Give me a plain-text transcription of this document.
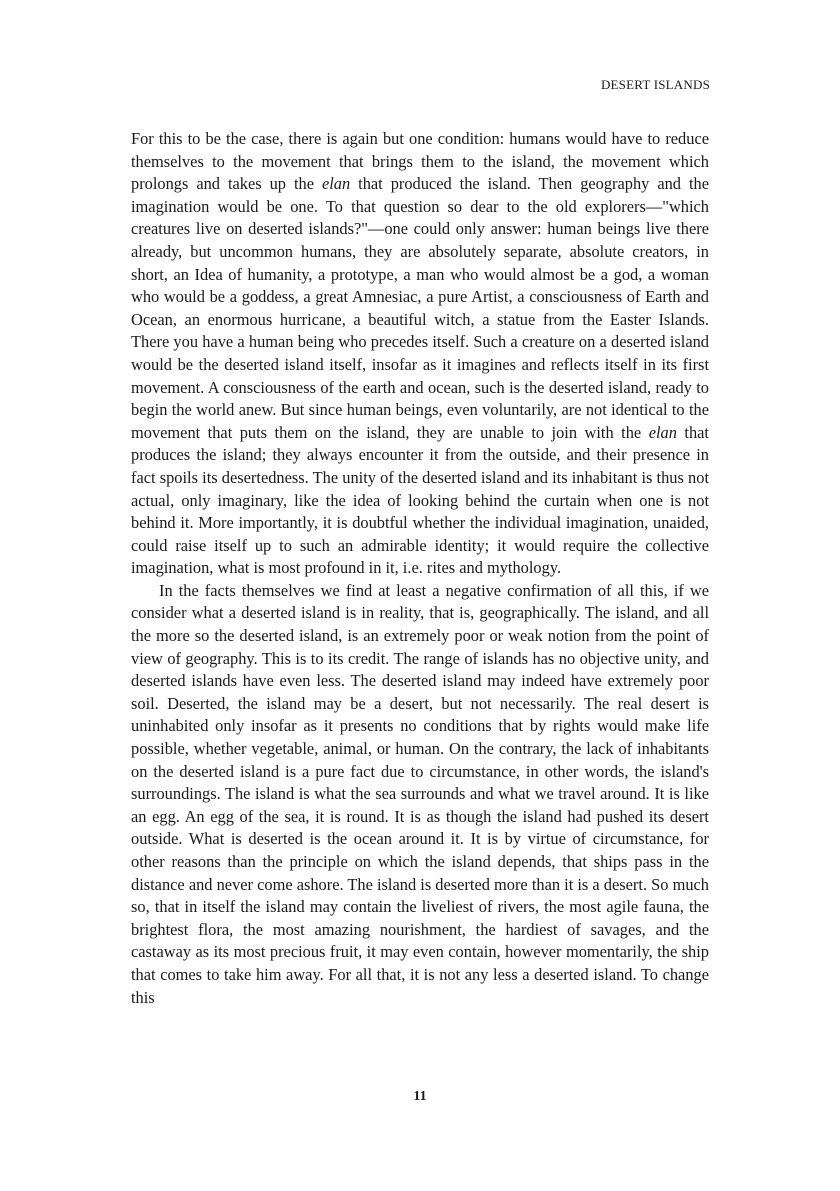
DESERT ISLANDS

For this to be the case, there is again but one condition: humans would have to reduce themselves to the movement that brings them to the island, the movement which prolongs and takes up the elan that produced the island. Then geography and the imagination would be one. To that question so dear to the old explorers—"which creatures live on deserted islands?"—one could only answer: human beings live there already, but uncommon humans, they are absolutely separate, absolute creators, in short, an Idea of humanity, a prototype, a man who would almost be a god, a woman who would be a goddess, a great Amnesiac, a pure Artist, a consciousness of Earth and Ocean, an enormous hurricane, a beautiful witch, a statue from the Easter Islands. There you have a human being who precedes itself. Such a creature on a deserted island would be the deserted island itself, insofar as it imagines and reflects itself in its first movement. A consciousness of the earth and ocean, such is the deserted island, ready to begin the world anew. But since human beings, even voluntarily, are not identical to the movement that puts them on the island, they are unable to join with the elan that produces the island; they always encounter it from the outside, and their presence in fact spoils its desertedness. The unity of the deserted island and its inhabitant is thus not actual, only imaginary, like the idea of looking behind the curtain when one is not behind it. More importantly, it is doubtful whether the individual imagination, unaided, could raise itself up to such an admirable identity; it would require the collective imagination, what is most profound in it, i.e. rites and mythology.

In the facts themselves we find at least a negative confirmation of all this, if we consider what a deserted island is in reality, that is, geographically. The island, and all the more so the deserted island, is an extremely poor or weak notion from the point of view of geography. This is to its credit. The range of islands has no objective unity, and deserted islands have even less. The deserted island may indeed have extremely poor soil. Deserted, the island may be a desert, but not necessarily. The real desert is uninhabited only insofar as it presents no conditions that by rights would make life possible, whether vegetable, animal, or human. On the contrary, the lack of inhabitants on the deserted island is a pure fact due to circumstance, in other words, the island's surroundings. The island is what the sea surrounds and what we travel around. It is like an egg. An egg of the sea, it is round. It is as though the island had pushed its desert outside. What is deserted is the ocean around it. It is by virtue of circumstance, for other reasons than the principle on which the island depends, that ships pass in the distance and never come ashore. The island is deserted more than it is a desert. So much so, that in itself the island may contain the liveliest of rivers, the most agile fauna, the brightest flora, the most amazing nourishment, the hardiest of savages, and the castaway as its most precious fruit, it may even contain, however momentarily, the ship that comes to take him away. For all that, it is not any less a deserted island. To change this

11
